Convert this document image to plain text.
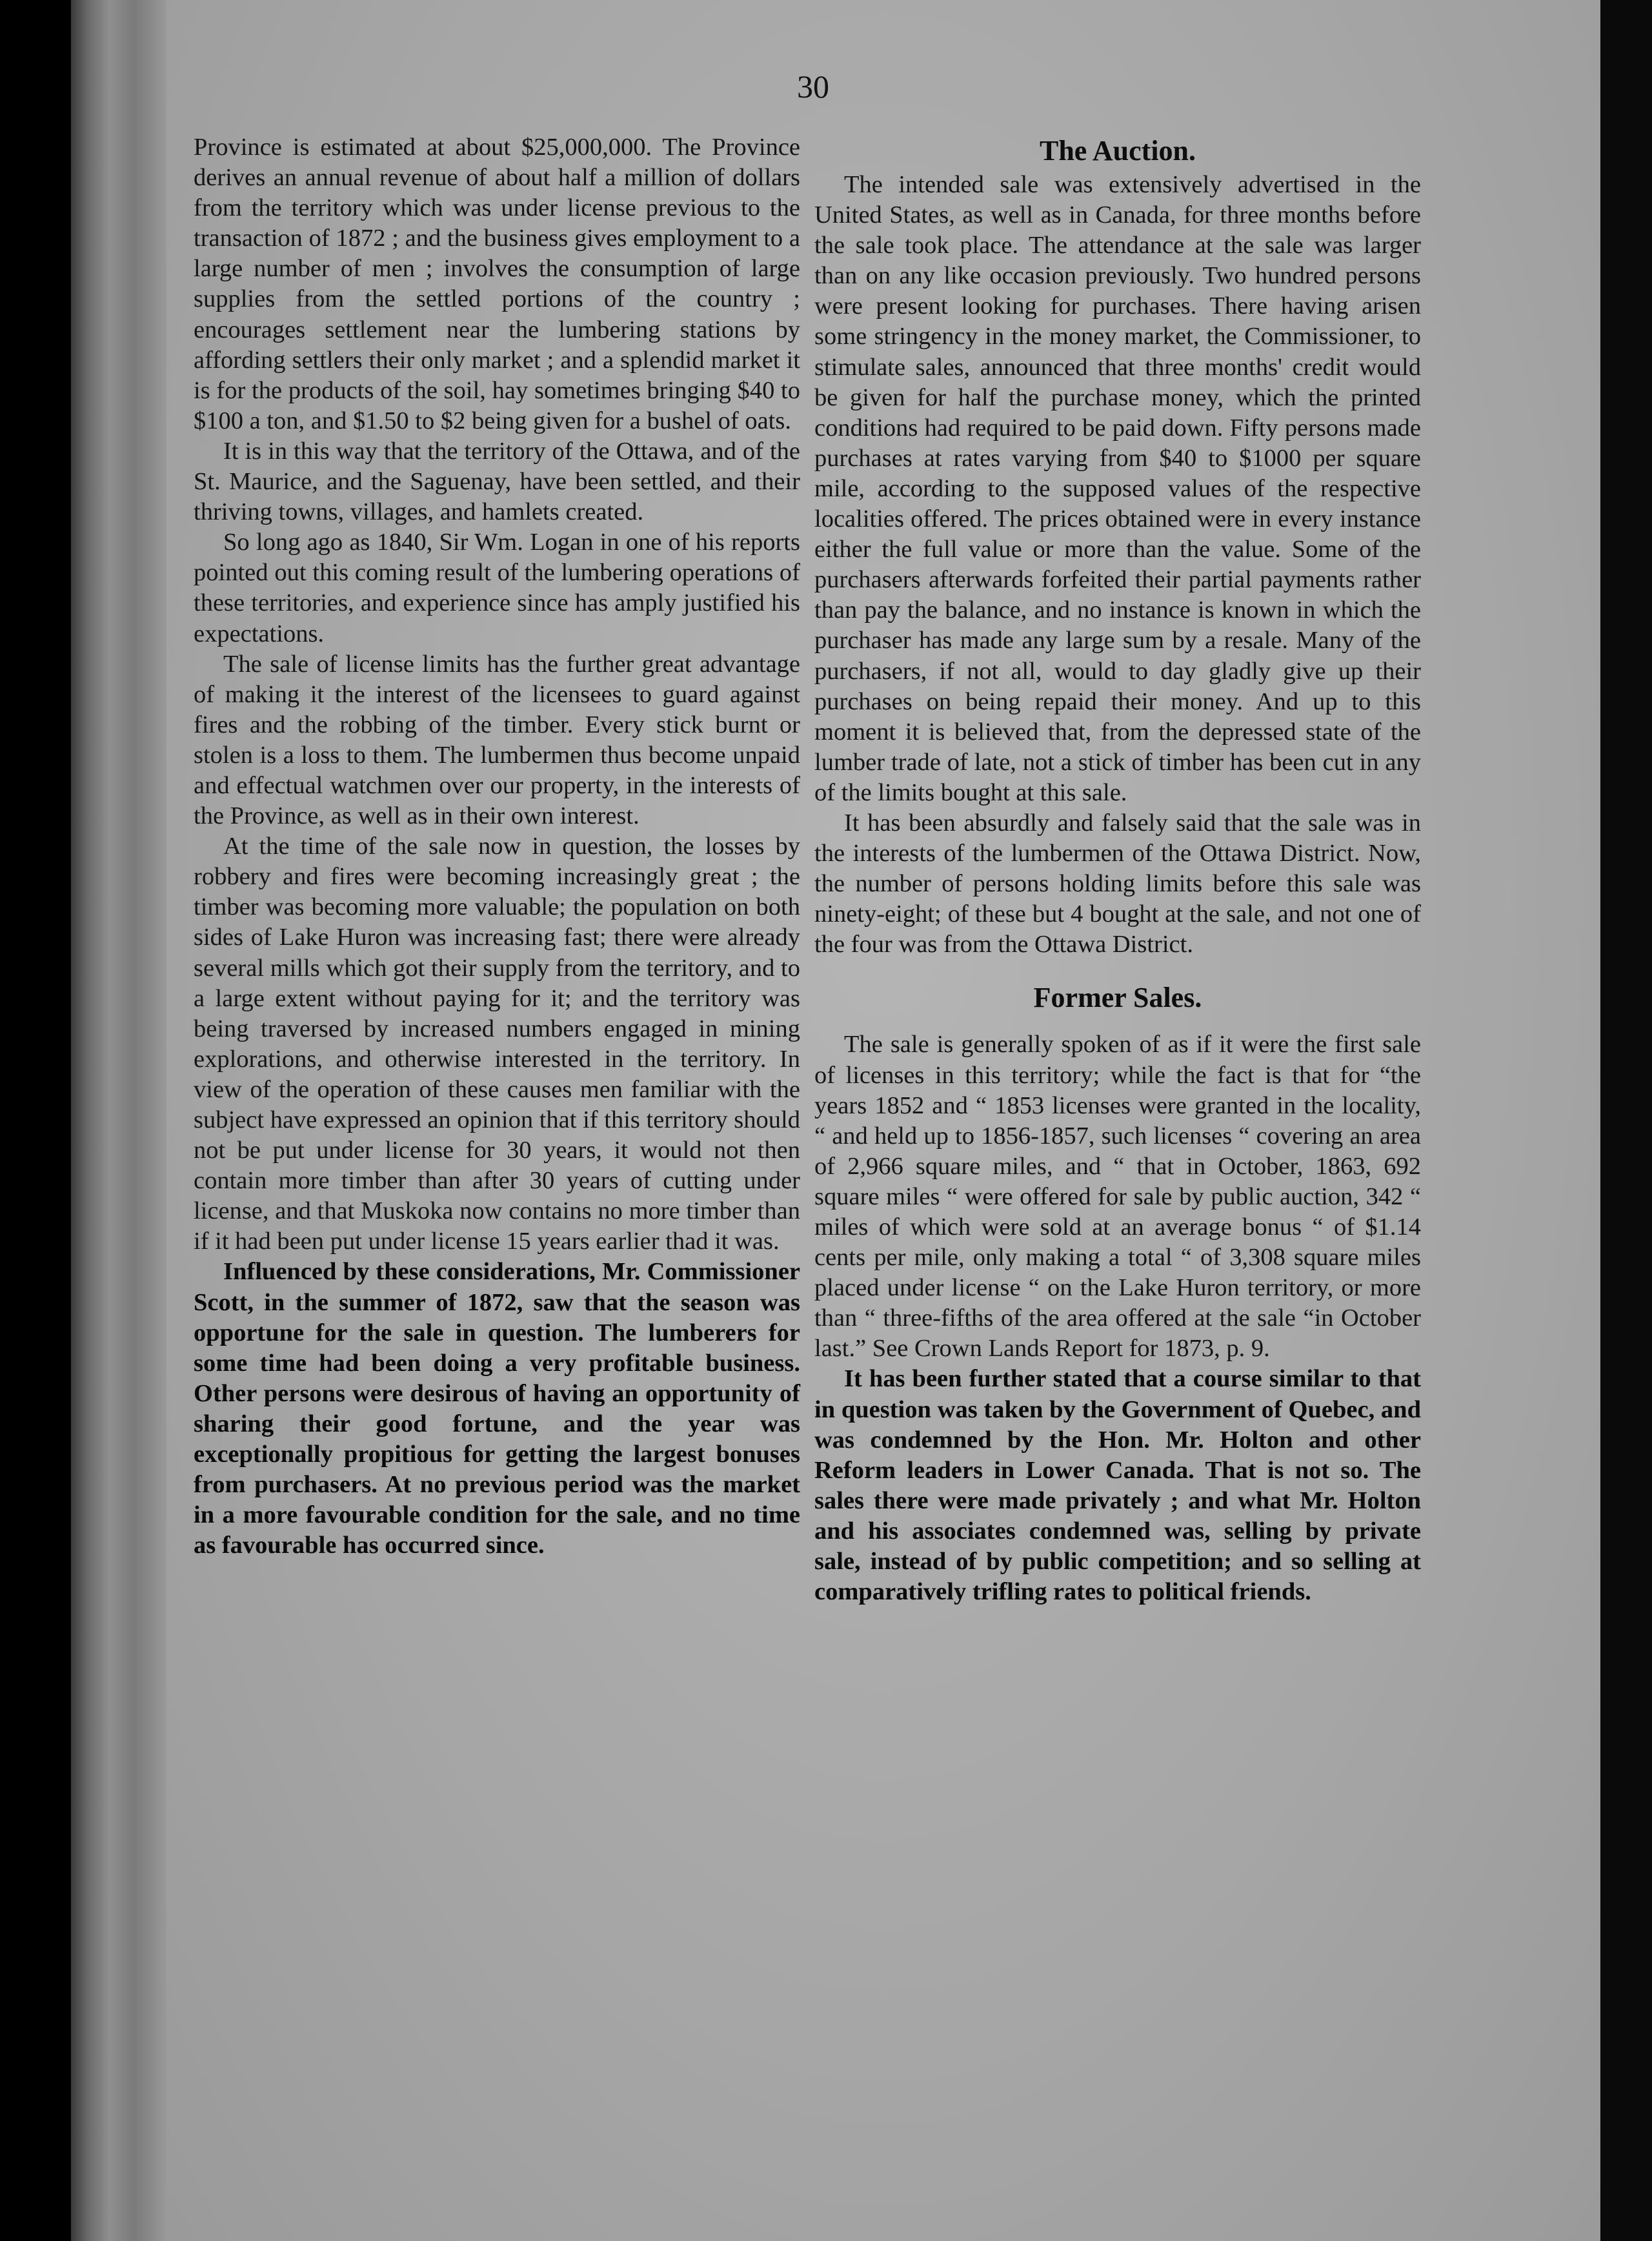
30

Province is estimated at about $25,000,000. The Province derives an annual revenue of about half a million of dollars from the territory which was under license previous to the transaction of 1872 ; and the business gives employment to a large number of men ; involves the consumption of large supplies from the settled portions of the country ; encourages settlement near the lumbering stations by affording settlers their only market ; and a splendid market it is for the products of the soil, hay sometimes bringing $40 to $100 a ton, and $1.50 to $2 being given for a bushel of oats.

It is in this way that the territory of the Ottawa, and of the St. Maurice, and the Saguenay, have been settled, and their thriving towns, villages, and hamlets created.

So long ago as 1840, Sir Wm. Logan in one of his reports pointed out this coming result of the lumbering operations of these territories, and experience since has amply justified his expectations.

The sale of license limits has the further great advantage of making it the interest of the licensees to guard against fires and the robbing of the timber. Every stick burnt or stolen is a loss to them. The lumbermen thus become unpaid and effectual watchmen over our property, in the interests of the Province, as well as in their own interest.

At the time of the sale now in question, the losses by robbery and fires were becoming increasingly great ; the timber was becoming more valuable; the population on both sides of Lake Huron was increasing fast; there were already several mills which got their supply from the territory, and to a large extent without paying for it; and the territory was being traversed by increased numbers engaged in mining explorations, and otherwise interested in the territory. In view of the operation of these causes men familiar with the subject have expressed an opinion that if this territory should not be put under license for 30 years, it would not then contain more timber than after 30 years of cutting under license, and that Muskoka now contains no more timber than if it had been put under license 15 years earlier thad it was.

Influenced by these considerations, Mr. Commissioner Scott, in the summer of 1872, saw that the season was opportune for the sale in question. The lumberers for some time had been doing a very profitable business. Other persons were desirous of having an opportunity of sharing their good fortune, and the year was exceptionally propitious for getting the largest bonuses from purchasers. At no previous period was the market in a more favourable condition for the sale, and no time as favourable has occurred since.

The Auction.

The intended sale was extensively advertised in the United States, as well as in Canada, for three months before the sale took place. The attendance at the sale was larger than on any like occasion previously. Two hundred persons were present looking for purchases. There having arisen some stringency in the money market, the Commissioner, to stimulate sales, announced that three months' credit would be given for half the purchase money, which the printed conditions had required to be paid down. Fifty persons made purchases at rates varying from $40 to $1000 per square mile, according to the supposed values of the respective localities offered. The prices obtained were in every instance either the full value or more than the value. Some of the purchasers afterwards forfeited their partial payments rather than pay the balance, and no instance is known in which the purchaser has made any large sum by a resale. Many of the purchasers, if not all, would to day gladly give up their purchases on being repaid their money. And up to this moment it is believed that, from the depressed state of the lumber trade of late, not a stick of timber has been cut in any of the limits bought at this sale.

It has been absurdly and falsely said that the sale was in the interests of the lumbermen of the Ottawa District. Now, the number of persons holding limits before this sale was ninety-eight; of these but 4 bought at the sale, and not one of the four was from the Ottawa District.

Former Sales.

The sale is generally spoken of as if it were the first sale of licenses in this territory; while the fact is that for “the years 1852 and “ 1853 licenses were granted in the locality, “ and held up to 1856-1857, such licenses “ covering an area of 2,966 square miles, and “ that in October, 1863, 692 square miles “ were offered for sale by public auction, 342 “ miles of which were sold at an average bonus “ of $1.14 cents per mile, only making a total “ of 3,308 square miles placed under license “ on the Lake Huron territory, or more than “ three-fifths of the area offered at the sale “in October last.” See Crown Lands Report for 1873, p. 9.

It has been further stated that a course similar to that in question was taken by the Government of Quebec, and was condemned by the Hon. Mr. Holton and other Reform leaders in Lower Canada. That is not so. The sales there were made privately ; and what Mr. Holton and his associates condemned was, selling by private sale, instead of by public competition; and so selling at comparatively trifling rates to political friends.
